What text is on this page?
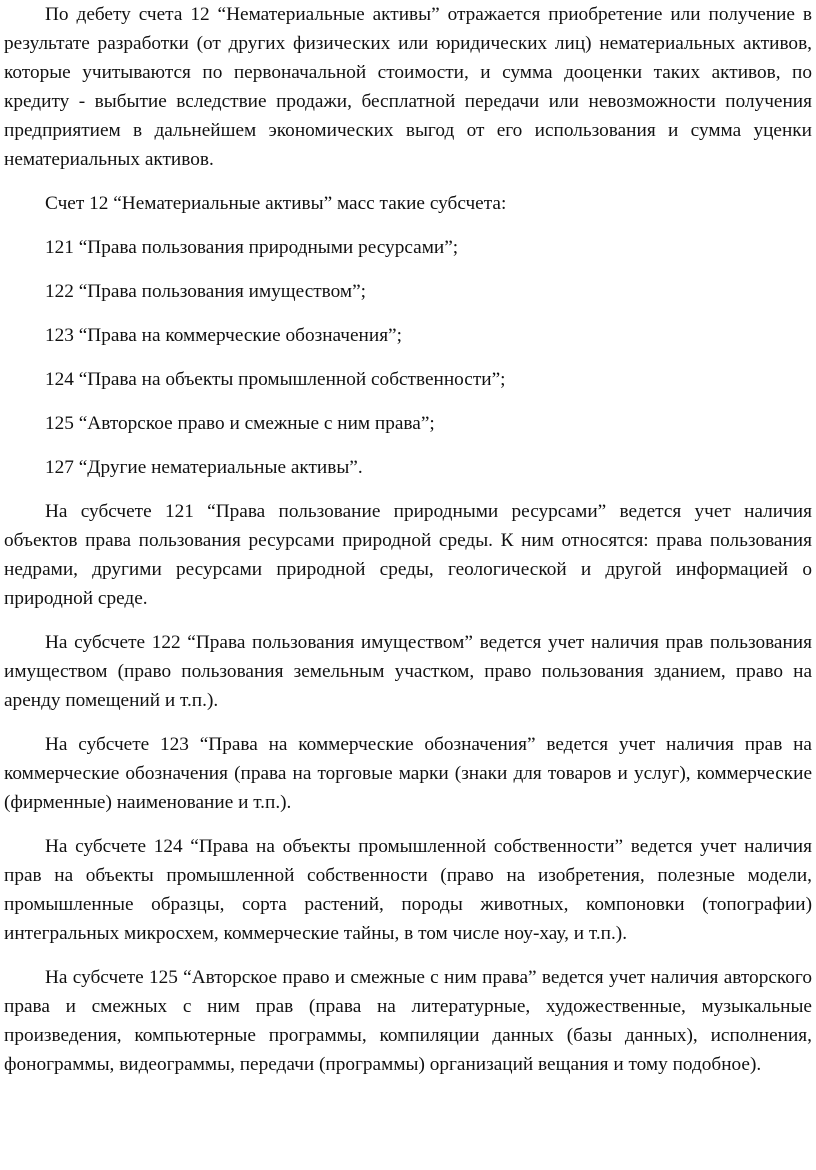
По дебету счета 12 “Нематериальные активы” отражается приобретение или получение в результате разработки (от других физических или юридических лиц) нематериальных активов, которые учитываются по первоначальной стоимости, и сумма дооценки таких активов, по кредиту - выбытие вследствие продажи, бесплатной передачи или невозможности получения предприятием в дальнейшем экономических выгод от его использования и сумма уценки нематериальных активов.

Счет 12 “Нематериальные активы” масс такие субсчета:

121 “Права пользования природными ресурсами”;

122 “Права пользования имуществом”;

123 “Права на коммерческие обозначения”;

124 “Права на объекты промышленной собственности”;

125 “Авторское право и смежные с ним права”;

127 “Другие нематериальные активы”.

На субсчете 121 “Права пользование природными ресурсами” ведется учет наличия объектов права пользования ресурсами природной среды. К ним относятся: права пользования недрами, другими ресурсами природной среды, геологической и другой информацией о природной среде.

На субсчете 122 “Права пользования имуществом” ведется учет наличия прав пользования имуществом (право пользования земельным участком, право пользования зданием, право на аренду помещений и т.п.).

На субсчете 123 “Права на коммерческие обозначения” ведется учет наличия прав на коммерческие обозначения (права на торговые марки (знаки для товаров и услуг), коммерческие (фирменные) наименование и т.п.).

На субсчете 124 “Права на объекты промышленной собственности” ведется учет наличия прав на объекты промышленной собственности (право на изобретения, полезные модели, промышленные образцы, сорта растений, породы животных, компоновки (топографии) интегральных микросхем, коммерческие тайны, в том числе ноу-хау, и т.п.).

На субсчете 125 “Авторское право и смежные с ним права” ведется учет наличия авторского права и смежных с ним прав (права на литературные, художественные, музыкальные произведения, компьютерные программы, компиляции данных (базы данных), исполнения, фонограммы, видеограммы, передачи (программы) организаций вещания и тому подобное).
